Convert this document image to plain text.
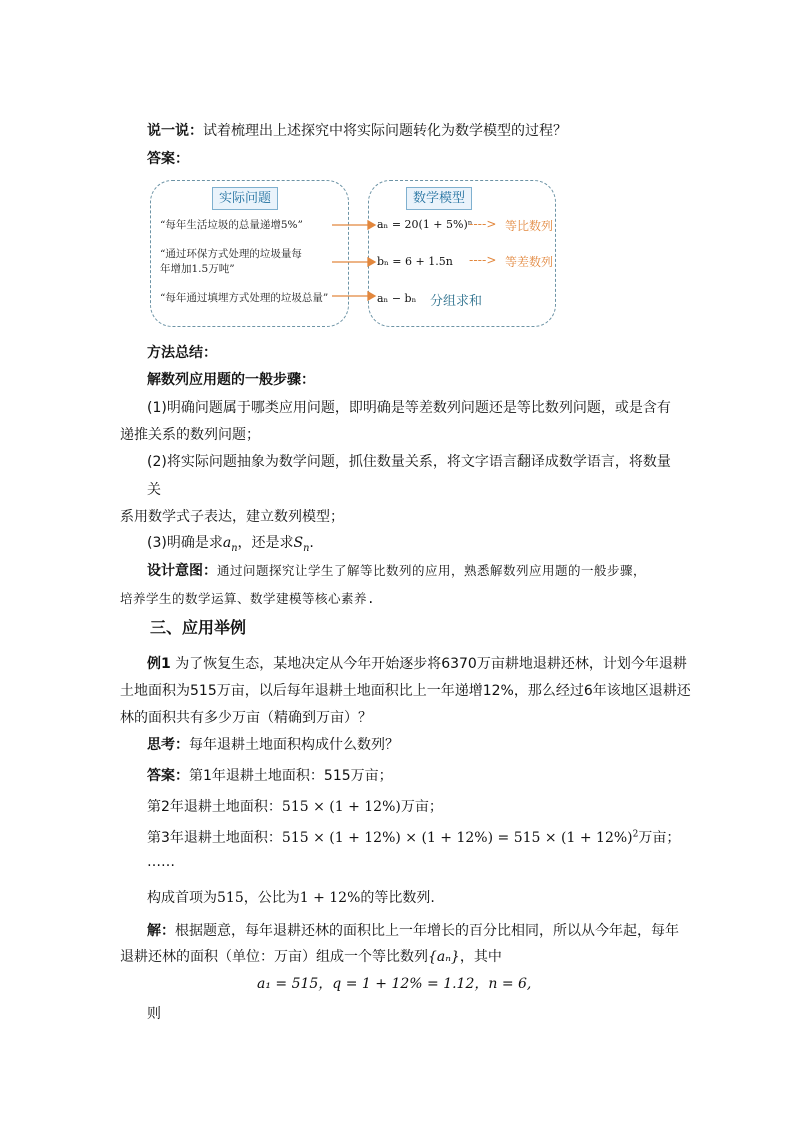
说一说：试着梳理出上述探究中将实际问题转化为数学模型的过程？
答案：
实际问题	数学模型
“每年生活垃圾的总量递增5%”
“通过环保方式处理的垃圾量每
年增加1.5万吨”
“每年通过填埋方式处理的垃圾总量”
aₙ = 20(1 + 5%)ⁿ
----> 等比数列
bₙ = 6 + 1.5n ----> 等差数列
aₙ − bₙ 分组求和
方法总结：
解数列应用题的一般步骤：
(1)明确问题属于哪类应用问题，即明确是等差数列问题还是等比数列问题，或是含有
递推关系的数列问题；
(2)将实际问题抽象为数学问题，抓住数量关系，将文字语言翻译成数学语言，将数量
关
系用数学式子表达，建立数列模型；
(3)明确是求$a_n$，还是求$S_n$.
设计意图：通过问题探究让学生了解等比数列的应用，熟悉解数列应用题的一般步骤，
培养学生的数学运算、数学建模等核心素养.
三、应用举例
例1 为了恢复生态，某地决定从今年开始逐步将6370万亩耕地退耕还林，计划今年退耕
土地面积为515万亩，以后每年退耕土地面积比上一年递增12%，那么经过6年该地区退耕还
林的面积共有多少万亩（精确到万亩）？
思考：每年退耕土地面积构成什么数列？
答案：第1年退耕土地面积：515万亩；
第2年退耕土地面积：515 × (1 + 12%)万亩；
第3年退耕土地面积：$515 \times (1 + 12\%) \times (1 + 12\%) = 515 \times (1 + 12\%)^2$万亩；
……
构成首项为515，公比为1 + 12%的等比数列.
解：根据题意，每年退耕还林的面积比上一年增长的百分比相同，所以从今年起，每年
退耕还林的面积（单位：万亩）组成一个等比数列{aₙ}，其中
a₁ = 515，q = 1 + 12% = 1.12，n = 6,
则
